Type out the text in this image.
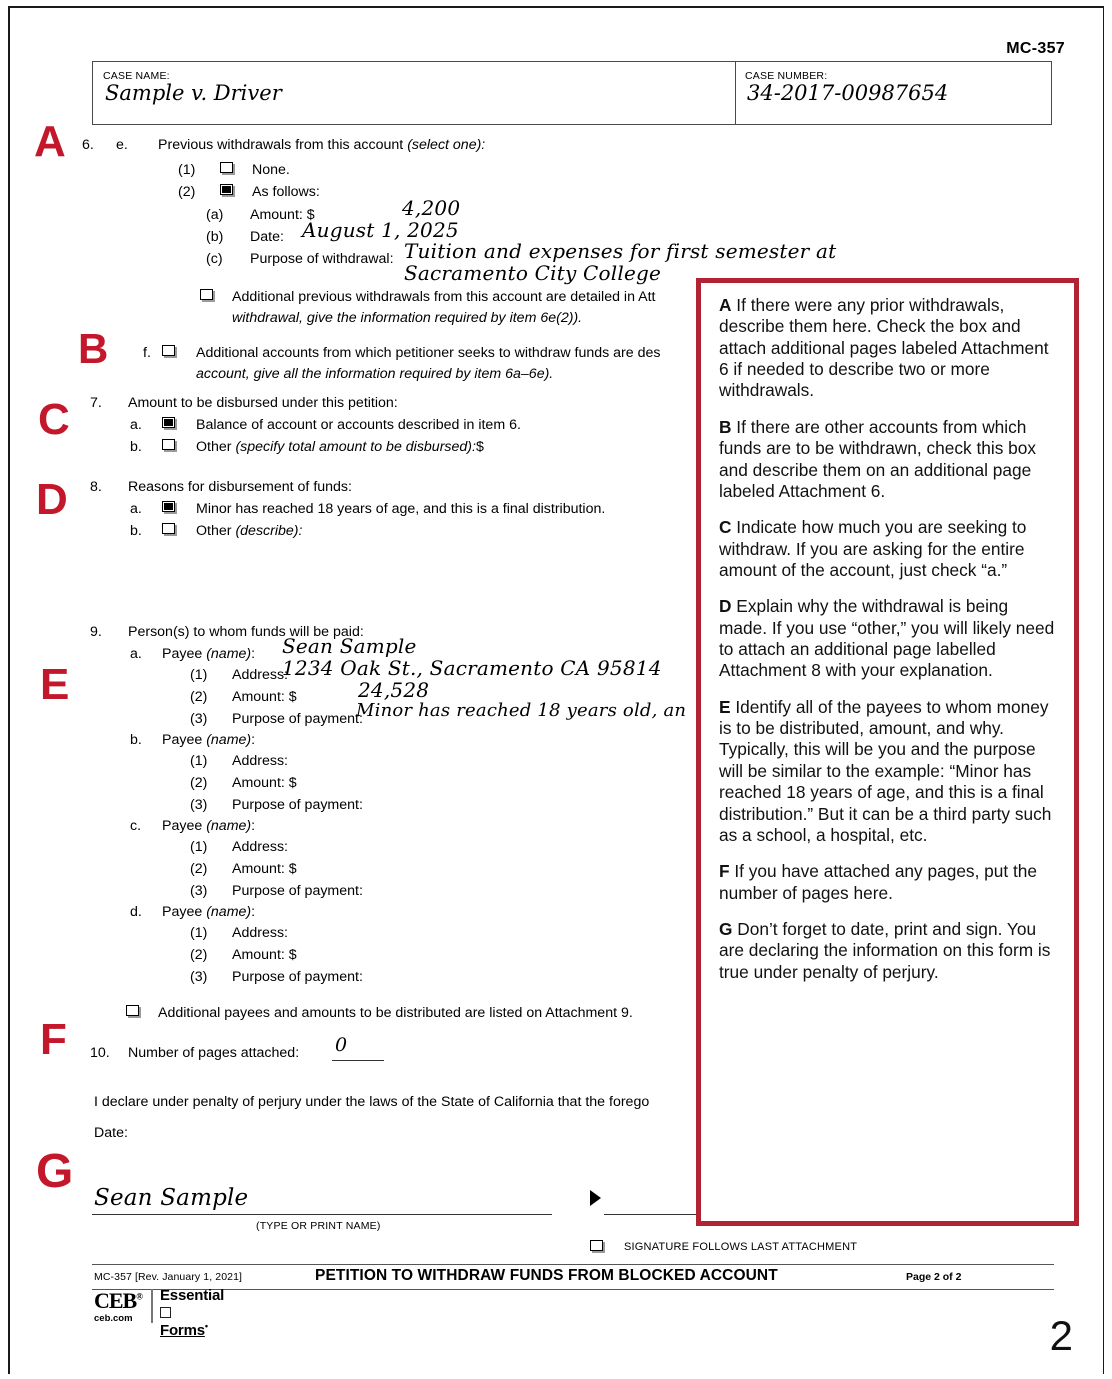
MC-357
CASE NAME:
Sample v. Driver
CASE NUMBER:
34-2017-00987654
A
B
C
D
E
F
G
6. e. Previous withdrawals from this account (select one):
(1)	None.
(2)	As follows:
(a) Amount: $	4,200
(b) Date: August 1, 2025
(c) Purpose of withdrawal: Tuition and expenses for first semester at
Sacramento City College
Additional previous withdrawals from this account are detailed in Att
withdrawal, give the information required by item 6e(2)).
f.	Additional accounts from which petitioner seeks to withdraw funds are des
account, give all the information required by item 6a–6e).
7. Amount to be disbursed under this petition:
a.	Balance of account or accounts described in item 6.
b.	Other (specify total amount to be disbursed):$
8. Reasons for disbursement of funds:
a.	Minor has reached 18 years of age, and this is a final distribution.
b.	Other (describe):
9. Person(s) to whom funds will be paid:
a. Payee (name): Sean Sample
(1) Address:
1234 Oak St., Sacramento CA 95814
(2) Amount: $	24,528
(3) Purpose of payment:
Minor has reached 18 years old, an
b. Payee (name):
(1) Address:
(2) Amount: $
(3) Purpose of payment:
c. Payee (name):
(1) Address:
(2) Amount: $
(3) Purpose of payment:
d. Payee (name):
(1) Address:
(2) Amount: $
(3) Purpose of payment:
Additional payees and amounts to be distributed are listed on Attachment 9.
10. Number of pages attached: 0
I declare under penalty of perjury under the laws of the State of California that the forego
Date:
Sean Sample
(TYPE OR PRINT NAME)
SIGNATURE FOLLOWS LAST ATTACHMENT
MC-357 [Rev. January 1, 2021]	PETITION TO WITHDRAW FUNDS FROM BLOCKED ACCOUNT	Page 2 of 2
CEB®
ceb.com
Essential
Forms•

A If there were any prior withdrawals, describe them here. Check the box and attach additional pages labeled Attachment 6 if needed to describe two or more withdrawals.

B If there are other accounts from which funds are to be withdrawn, check this box and describe them on an additional page labeled Attachment 6.

C Indicate how much you are seeking to withdraw. If you are asking for the entire amount of the account, just check “a.”

D Explain why the withdrawal is being made. If you use “other,” you will likely need to attach an additional page labelled Attachment 8 with your explanation.

E Identify all of the payees to whom money is to be distributed, amount, and why. Typically, this will be you and the purpose will be similar to the example: “Minor has reached 18 years of age, and this is a final distribution.” But it can be a third party such as a school, a hospital, etc.

F If you have attached any pages, put the number of pages here.

G Don’t forget to date, print and sign. You are declaring the information on this form is true under penalty of perjury.

2
